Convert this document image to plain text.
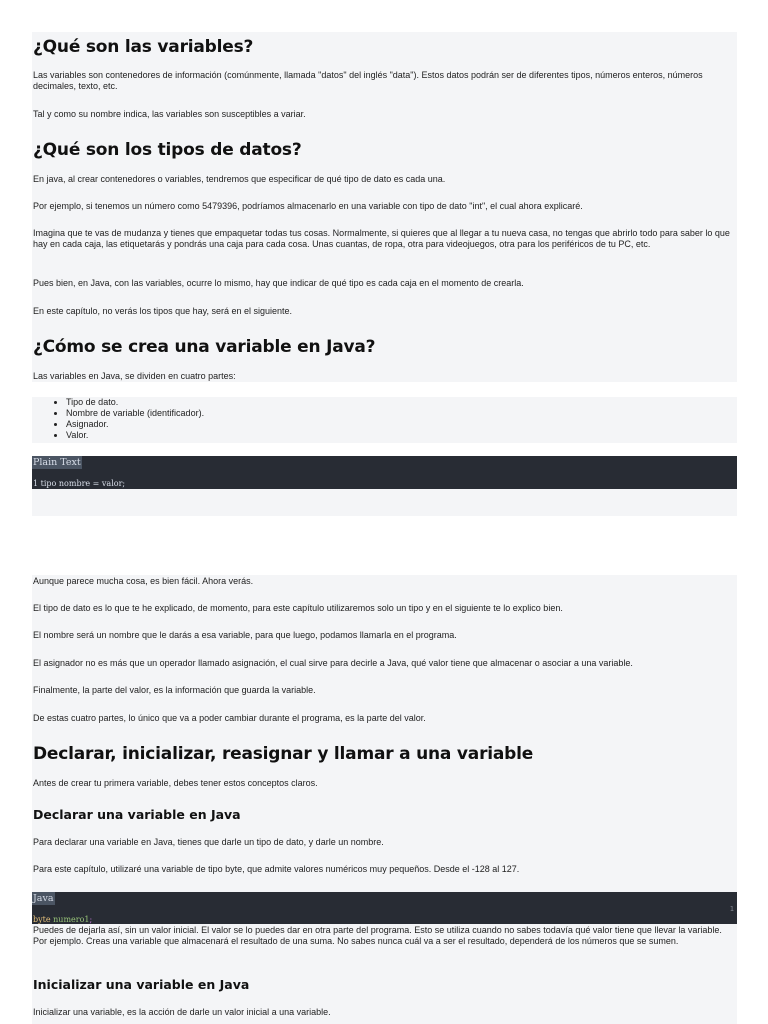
¿Qué son las variables?
Las variables son contenedores de información (comúnmente, llamada "datos" del inglés "data"). Estos datos podrán ser de diferentes tipos, números enteros, números decimales, texto, etc.
Tal y como su nombre indica, las variables son susceptibles a variar.
¿Qué son los tipos de datos?
En java, al crear contenedores o variables, tendremos que especificar de qué tipo de dato es cada una.
Por ejemplo, si tenemos un número como 5479396, podríamos almacenarlo en una variable con tipo de dato "int", el cual ahora explicaré.
Imagina que te vas de mudanza y tienes que empaquetar todas tus cosas. Normalmente, si quieres que al llegar a tu nueva casa, no tengas que abrirlo todo para saber lo que hay en cada caja, las etiquetarás y pondrás una caja para cada cosa. Unas cuantas, de ropa, otra para videojuegos, otra para los periféricos de tu PC, etc.
Pues bien, en Java, con las variables, ocurre lo mismo, hay que indicar de qué tipo es cada caja en el momento de crearla.
En este capítulo, no verás los tipos que hay, será en el siguiente.
¿Cómo se crea una variable en Java?
Las variables en Java, se dividen en cuatro partes:
• Tipo de dato.
• Nombre de variable (identificador).
• Asignador.
• Valor.
Plain Text
1 tipo nombre = valor;
Aunque parece mucha cosa, es bien fácil. Ahora verás.
El tipo de dato es lo que te he explicado, de momento, para este capítulo utilizaremos solo un tipo y en el siguiente te lo explico bien.
El nombre será un nombre que le darás a esa variable, para que luego, podamos llamarla en el programa.
El asignador no es más que un operador llamado asignación, el cual sirve para decirle a Java, qué valor tiene que almacenar o asociar a una variable.
Finalmente, la parte del valor, es la información que guarda la variable.
De estas cuatro partes, lo único que va a poder cambiar durante el programa, es la parte del valor.
Declarar, inicializar, reasignar y llamar a una variable
Antes de crear tu primera variable, debes tener estos conceptos claros.
Declarar una variable en Java
Para declarar una variable en Java, tienes que darle un tipo de dato, y darle un nombre.
Para este capítulo, utilizaré una variable de tipo byte, que admite valores numéricos muy pequeños. Desde el -128 al 127.
Java
byte numero1;
1
Puedes de dejarla así, sin un valor inicial. El valor se lo puedes dar en otra parte del programa. Esto se utiliza cuando no sabes todavía qué valor tiene que llevar la variable. Por ejemplo. Creas una variable que almacenará el resultado de una suma. No sabes nunca cuál va a ser el resultado, dependerá de los números que se sumen.
Inicializar una variable en Java
Inicializar una variable, es la acción de darle un valor inicial a una variable.
